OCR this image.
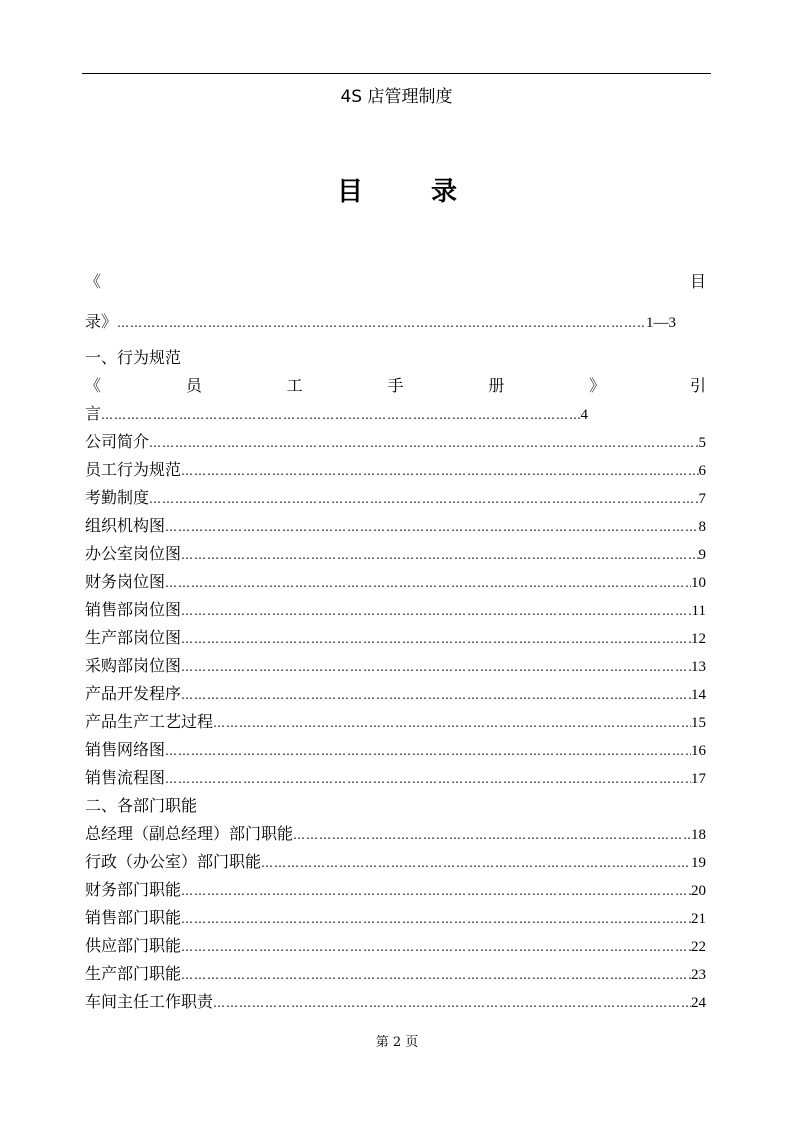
4S 店管理制度
目	录
《	目
录》 …………………………………………………………………………………………………………………………………………………………	1—3
一、行为规范
《	员	工	手	册	》	引
言 …………………………………………………………………………………………………………………………………………………………	4
公司简介 …………………………………………………………………………………………………………………………………………………………	5
员工行为规范 …………………………………………………………………………………………………………………………………………………………	6
考勤制度 …………………………………………………………………………………………………………………………………………………………	7
组织机构图 …………………………………………………………………………………………………………………………………………………………	8
办公室岗位图 …………………………………………………………………………………………………………………………………………………………	9
财务岗位图 …………………………………………………………………………………………………………………………………………………………	10
销售部岗位图 …………………………………………………………………………………………………………………………………………………………	11
生产部岗位图 …………………………………………………………………………………………………………………………………………………………	12
采购部岗位图 …………………………………………………………………………………………………………………………………………………………	13
产品开发程序 …………………………………………………………………………………………………………………………………………………………	14
产品生产工艺过程 …………………………………………………………………………………………………………………………………………………………	15
销售网络图 …………………………………………………………………………………………………………………………………………………………	16
销售流程图 …………………………………………………………………………………………………………………………………………………………	17
二、各部门职能
总经理（副总经理）部门职能 …………………………………………………………………………………………………………………………………………………………	18
行政（办公室）部门职能 …………………………………………………………………………………………………………………………………………………………	19
财务部门职能 …………………………………………………………………………………………………………………………………………………………	20
销售部门职能 …………………………………………………………………………………………………………………………………………………………	21
供应部门职能 …………………………………………………………………………………………………………………………………………………………	22
生产部门职能 …………………………………………………………………………………………………………………………………………………………	23
车间主任工作职责 …………………………………………………………………………………………………………………………………………………………	24
第 2 页
